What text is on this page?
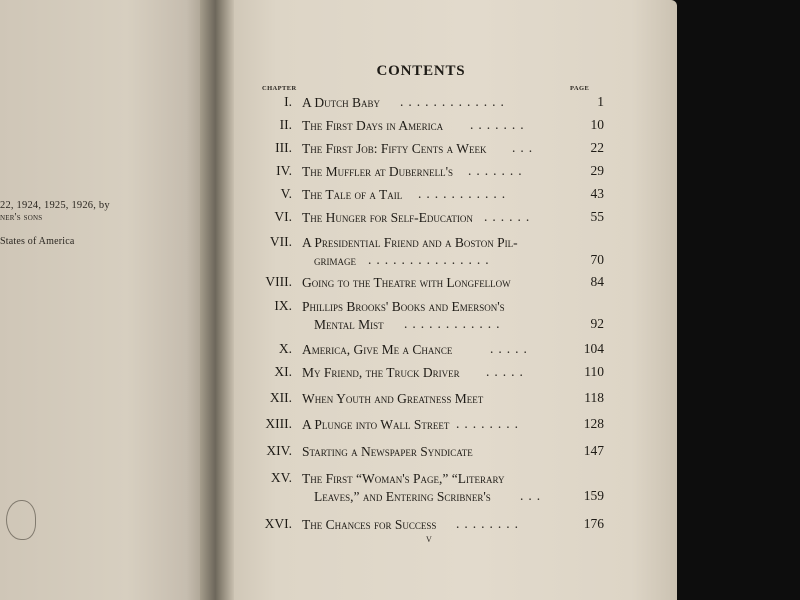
22, 1924, 1925, 1926, by
ner's sons
States of America
CONTENTS
CHAPTER	PAGE
I. A Dutch Baby	1
.............
II. The First Days in America	10
.......
III. The First Job: Fifty Cents a Week	22
...
IV. The Muffler at Dubernell's	29
.......
V. The Tale of a Tail	43
...........
VI. The Hunger for Self-Education	55
......
VII. A Presidential Friend and a Boston Pil-
grimage	70
...............
VIII. Going to the Theatre with Longfellow	84
IX. Phillips Brooks' Books and Emerson's
Mental Mist	92
............
X. America, Give Me a Chance	104
.....
XI. My Friend, the Truck Driver	110
.....
XII. When Youth and Greatness Meet	118
XIII. A Plunge into Wall Street	128
........
XIV. Starting a Newspaper Syndicate	147
XV. The First “Woman's Page,” “Literary
Leaves,” and Entering Scribner's	159
...
XVI. The Chances for Success	176
........
v
